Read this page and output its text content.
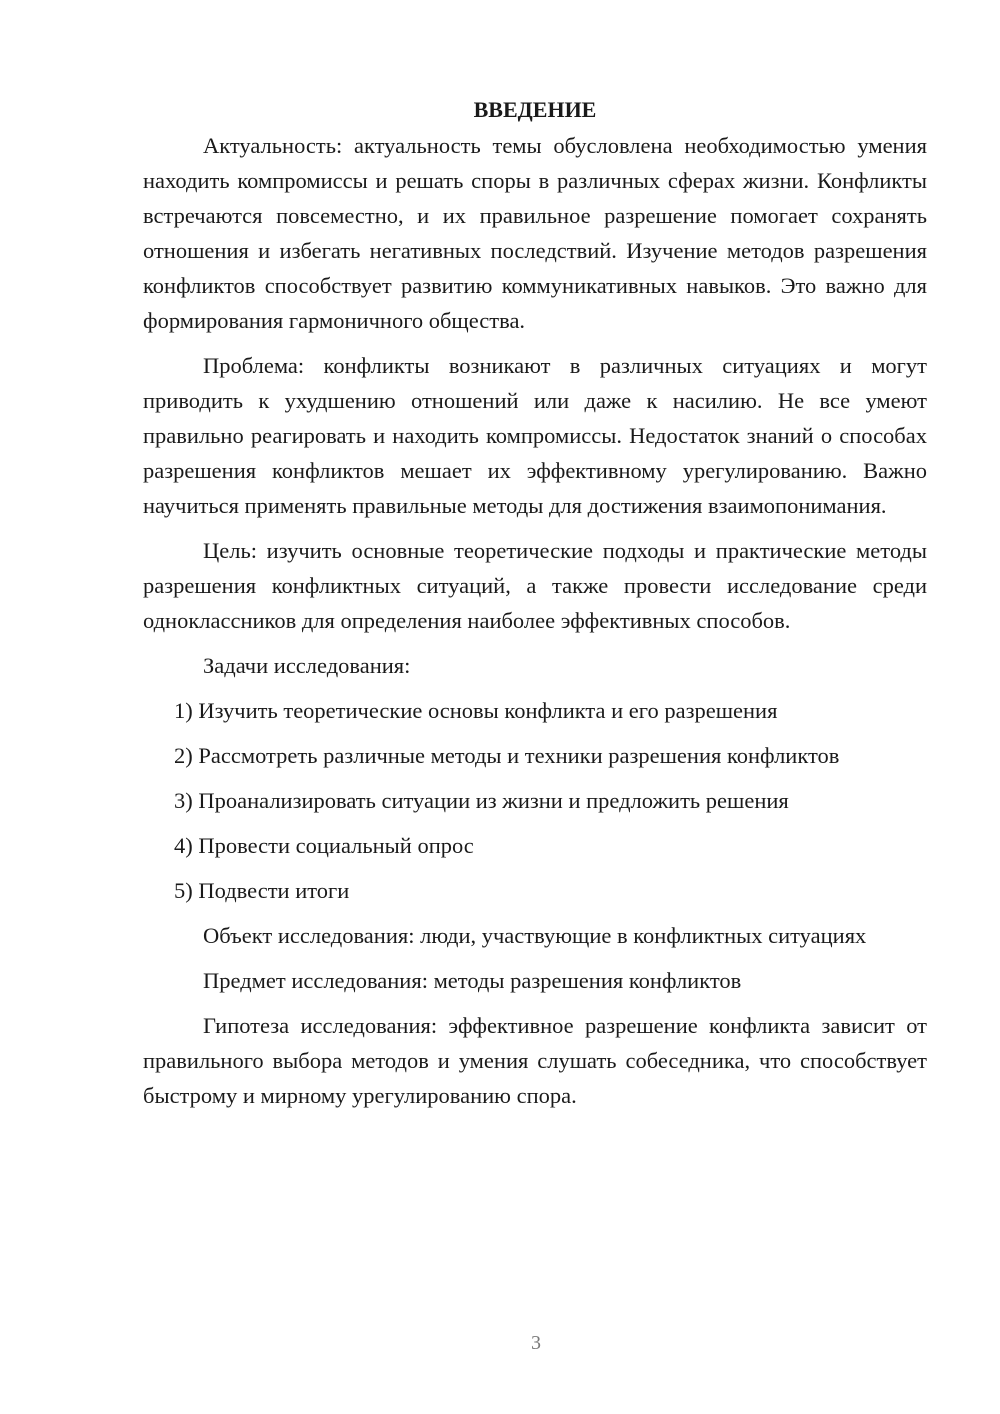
ВВЕДЕНИЕ

Актуальность: актуальность темы обусловлена необходимостью умения находить компромиссы и решать споры в различных сферах жизни. Конфликты встречаются повсеместно, и их правильное разрешение помогает сохранять отношения и избегать негативных последствий. Изучение методов разрешения конфликтов способствует развитию коммуникативных навыков. Это важно для формирования гармоничного общества.

Проблема: конфликты возникают в различных ситуациях и могут приводить к ухудшению отношений или даже к насилию. Не все умеют правильно реагировать и находить компромиссы. Недостаток знаний о способах разрешения конфликтов мешает их эффективному урегулированию. Важно научиться применять правильные методы для достижения взаимопонимания.

Цель: изучить основные теоретические подходы и практические методы разрешения конфликтных ситуаций, а также провести исследование среди одноклассников для определения наиболее эффективных способов.

Задачи исследования:

1) Изучить теоретические основы конфликта и его разрешения
2) Рассмотреть различные методы и техники разрешения конфликтов
3) Проанализировать ситуации из жизни и предложить решения
4) Провести социальный опрос
5) Подвести итоги

Объект исследования: люди, участвующие в конфликтных ситуациях

Предмет исследования: методы разрешения конфликтов

Гипотеза исследования: эффективное разрешение конфликта зависит от правильного выбора методов и умения слушать собеседника, что способствует быстрому и мирному урегулированию спора.

3
